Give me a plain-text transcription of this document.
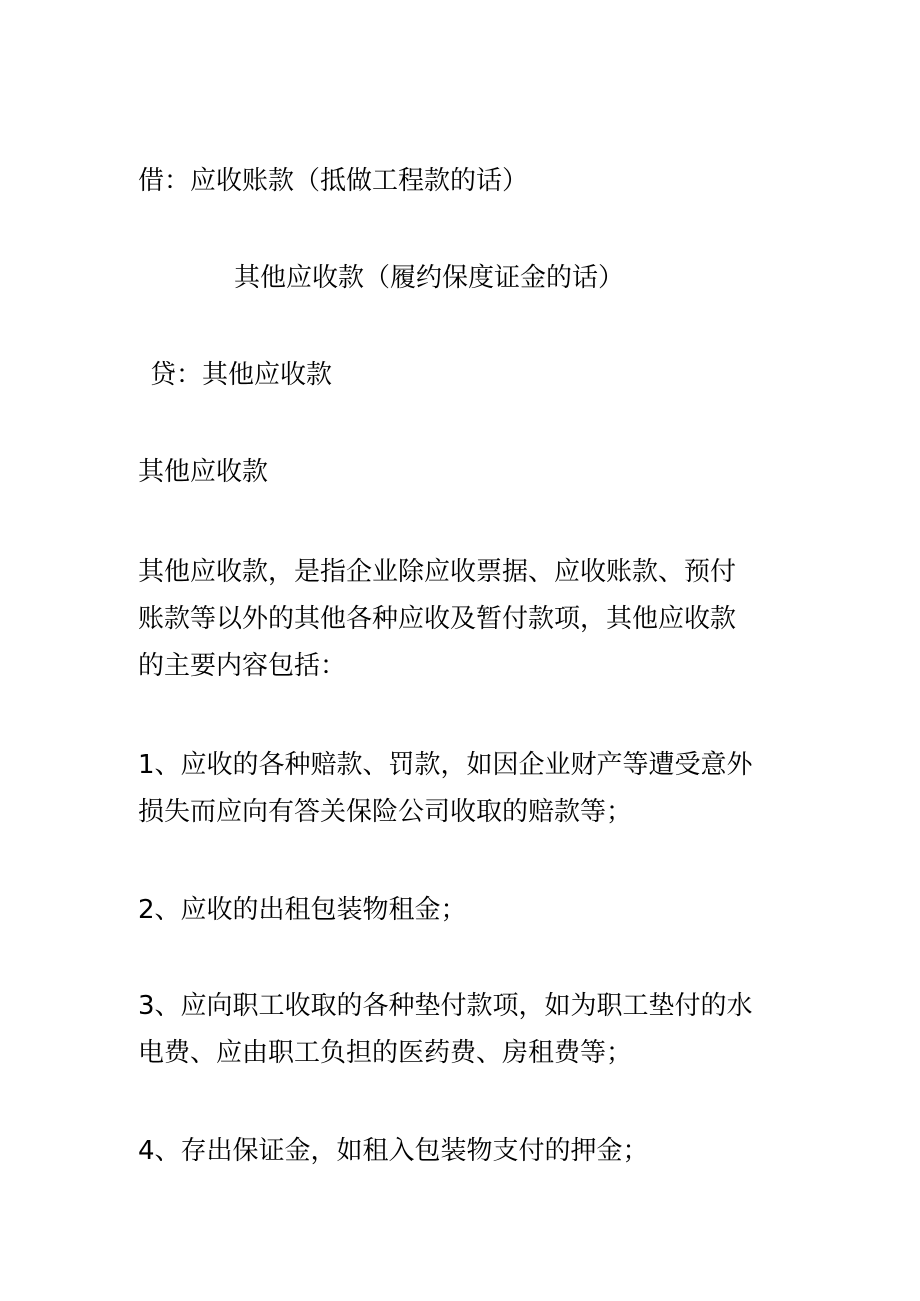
借：应收账款（抵做工程款的话）

其他应收款（履约保度证金的话）

贷：其他应收款

其他应收款

其他应收款，是指企业除应收票据、应收账款、预付
账款等以外的其他各种应收及暂付款项，其他应收款
的主要内容包括：
1、应收的各种赔款、罚款，如因企业财产等遭受意外
损失而应向有答关保险公司收取的赔款等；
2、应收的出租包装物租金；
3、应向职工收取的各种垫付款项，如为职工垫付的水
电费、应由职工负担的医药费、房租费等；
4、存出保证金，如租入包装物支付的押金；
